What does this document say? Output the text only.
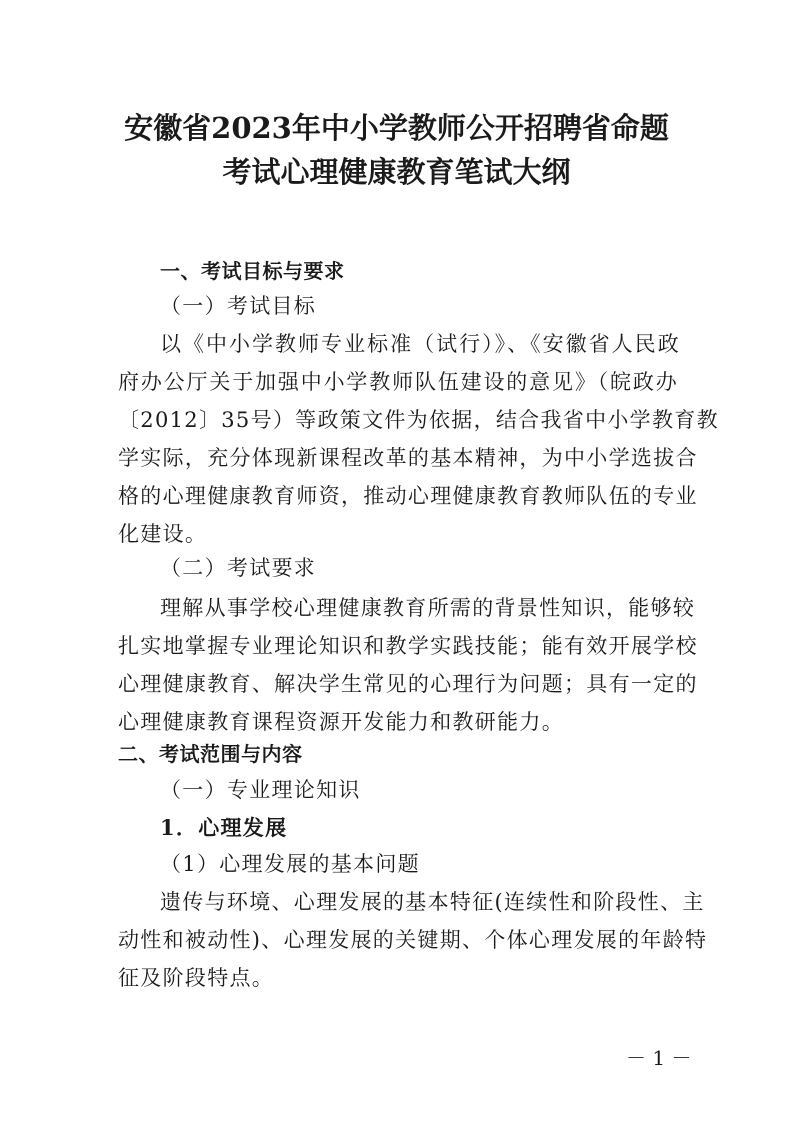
安徽省2023年中小学教师公开招聘省命题
考试心理健康教育笔试大纲
一、考试目标与要求
（一）考试目标
以《中小学教师专业标准（试行）》、《安徽省人民政
府办公厅关于加强中小学教师队伍建设的意见》（皖政办
〔2012〕35号）等政策文件为依据，结合我省中小学教育教
学实际，充分体现新课程改革的基本精神，为中小学选拔合
格的心理健康教育师资，推动心理健康教育教师队伍的专业
化建设。
（二）考试要求
理解从事学校心理健康教育所需的背景性知识，能够较
扎实地掌握专业理论知识和教学实践技能；能有效开展学校
心理健康教育、解决学生常见的心理行为问题；具有一定的
心理健康教育课程资源开发能力和教研能力。
二、考试范围与内容
（一）专业理论知识
1．心理发展
（1）心理发展的基本问题
遗传与环境、心理发展的基本特征(连续性和阶段性、主
动性和被动性)、心理发展的关键期、个体心理发展的年龄特
征及阶段特点。
－ 1 －
